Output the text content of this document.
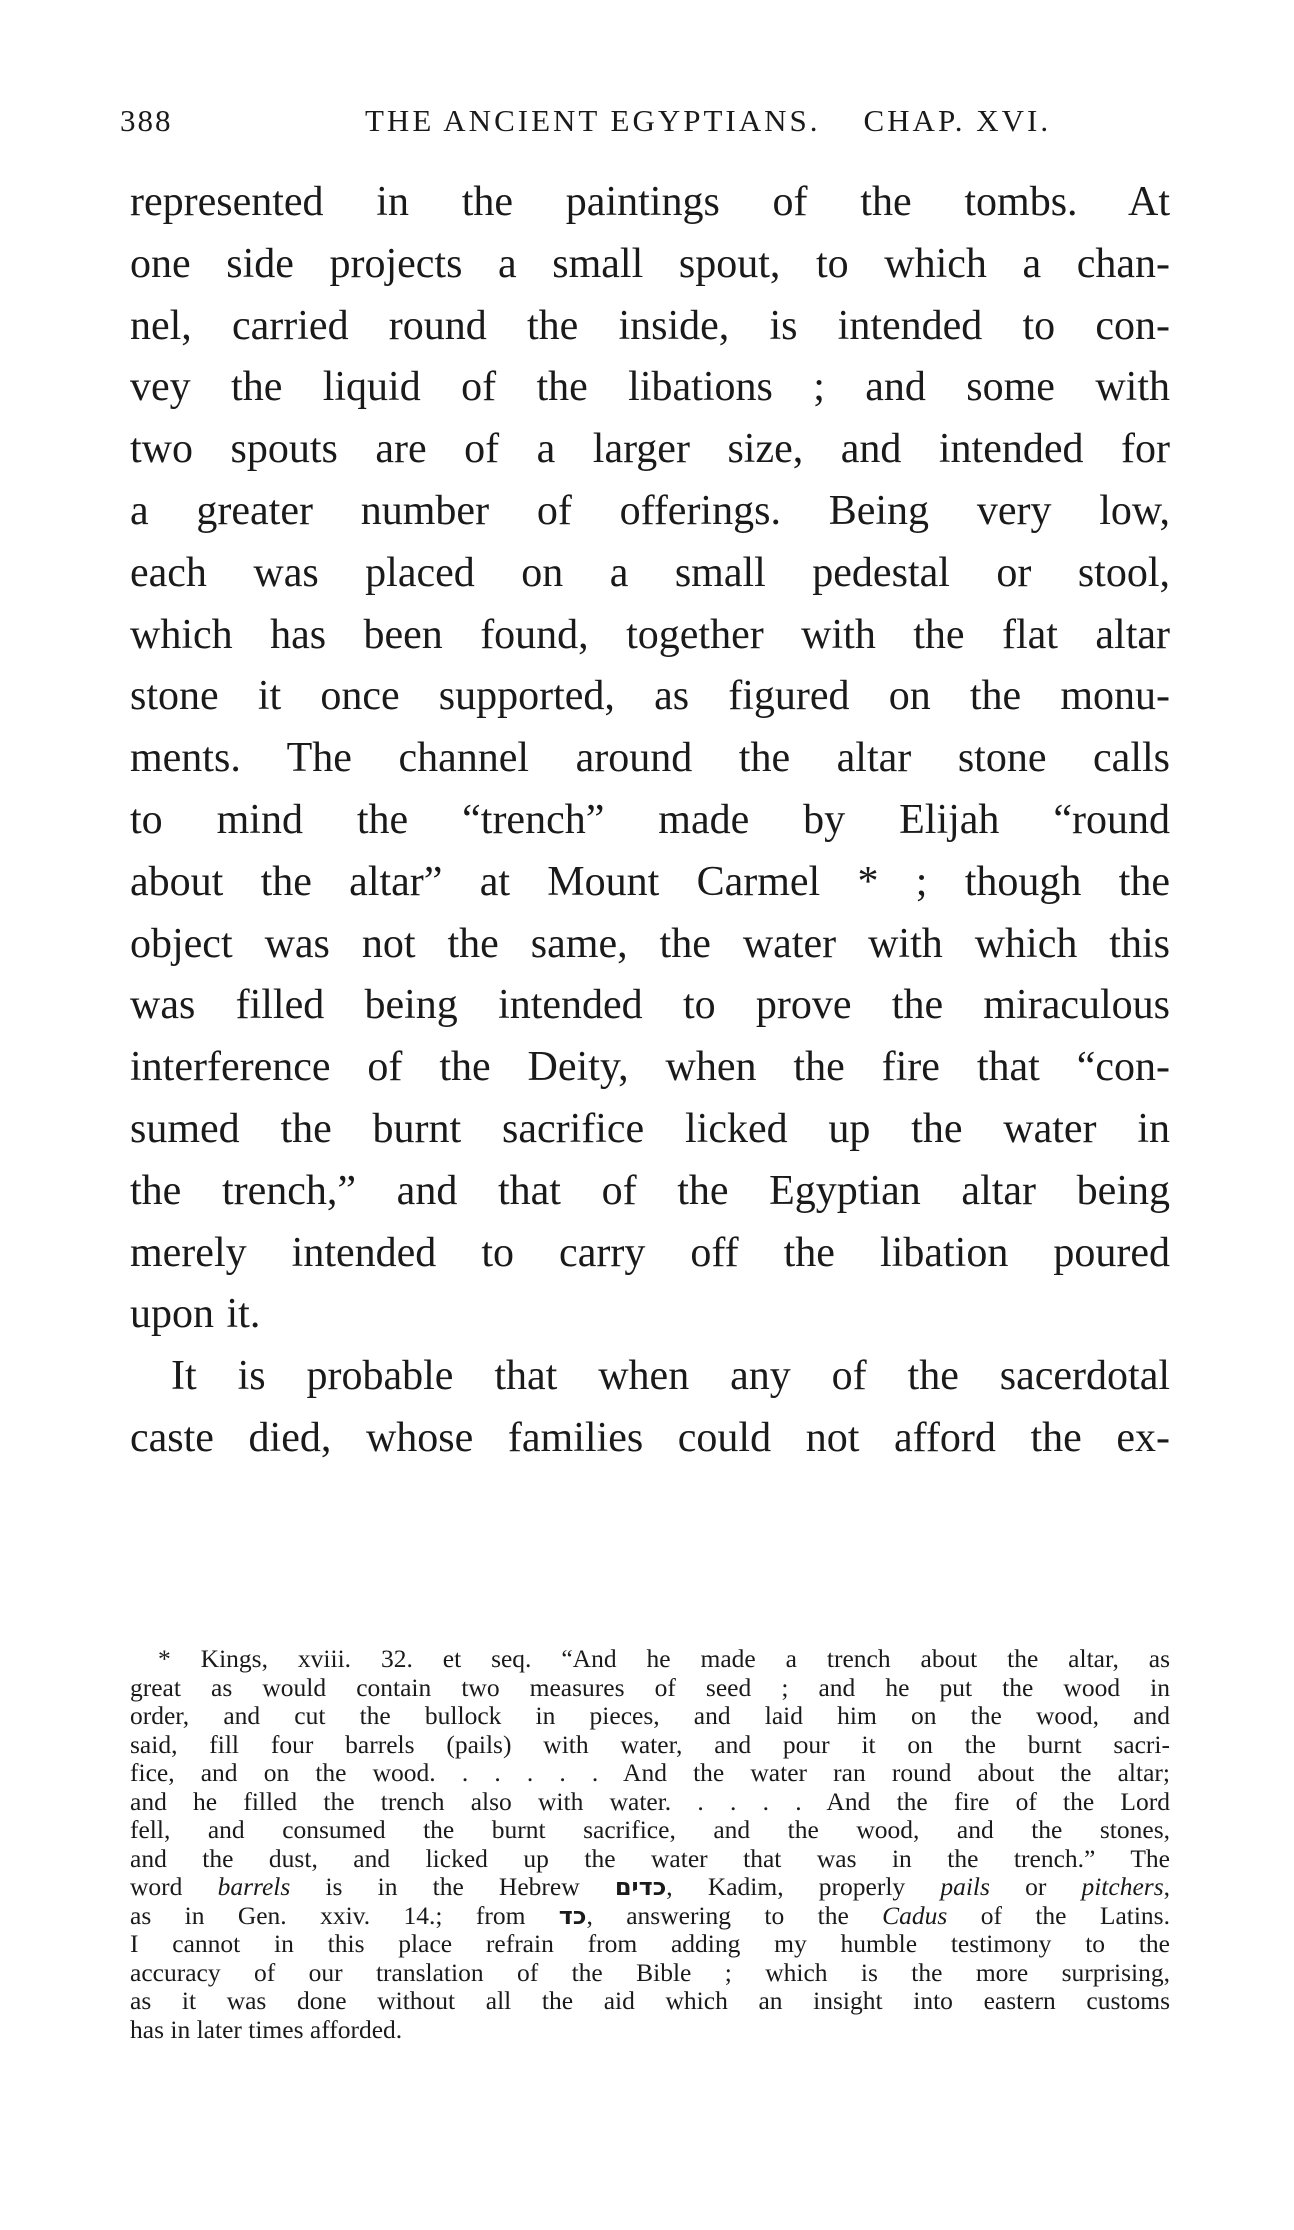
388	THE ANCIENT EGYPTIANS.    CHAP. XVI.
represented in the paintings of the tombs. At
one side projects a small spout, to which a chan-
nel, carried round the inside, is intended to con-
vey the liquid of the libations ; and some with
two spouts are of a larger size, and intended for
a greater number of offerings. Being very low,
each was placed on a small pedestal or stool,
which has been found, together with the flat altar
stone it once supported, as figured on the monu-
ments. The channel around the altar stone calls
to mind the “trench” made by Elijah “round
about the altar” at Mount Carmel * ; though the
object was not the same, the water with which this
was filled being intended to prove the miraculous
interference of the Deity, when the fire that “con-
sumed the burnt sacrifice licked up the water in
the trench,” and that of the Egyptian altar being
merely intended to carry off the libation poured
upon it.
It is probable that when any of the sacerdotal
caste died, whose families could not afford the ex-
* Kings, xviii. 32. et seq. “And he made a trench about the altar, as
great as would contain two measures of seed ; and he put the wood in
order, and cut the bullock in pieces, and laid him on the wood, and
said, fill four barrels (pails) with water, and pour it on the burnt sacri-
fice, and on the wood. . . . . . And the water ran round about the altar;
and he filled the trench also with water. . . . . And the fire of the Lord
fell, and consumed the burnt sacrifice, and the wood, and the stones,
and the dust, and licked up the water that was in the trench.” The
word barrels is in the Hebrew כדים, Kadim, properly pails or pitchers,
as in Gen. xxiv. 14.; from כד, answering to the Cadus of the Latins.
I cannot in this place refrain from adding my humble testimony to the
accuracy of our translation of the Bible ; which is the more surprising,
as it was done without all the aid which an insight into eastern customs
has in later times afforded.
